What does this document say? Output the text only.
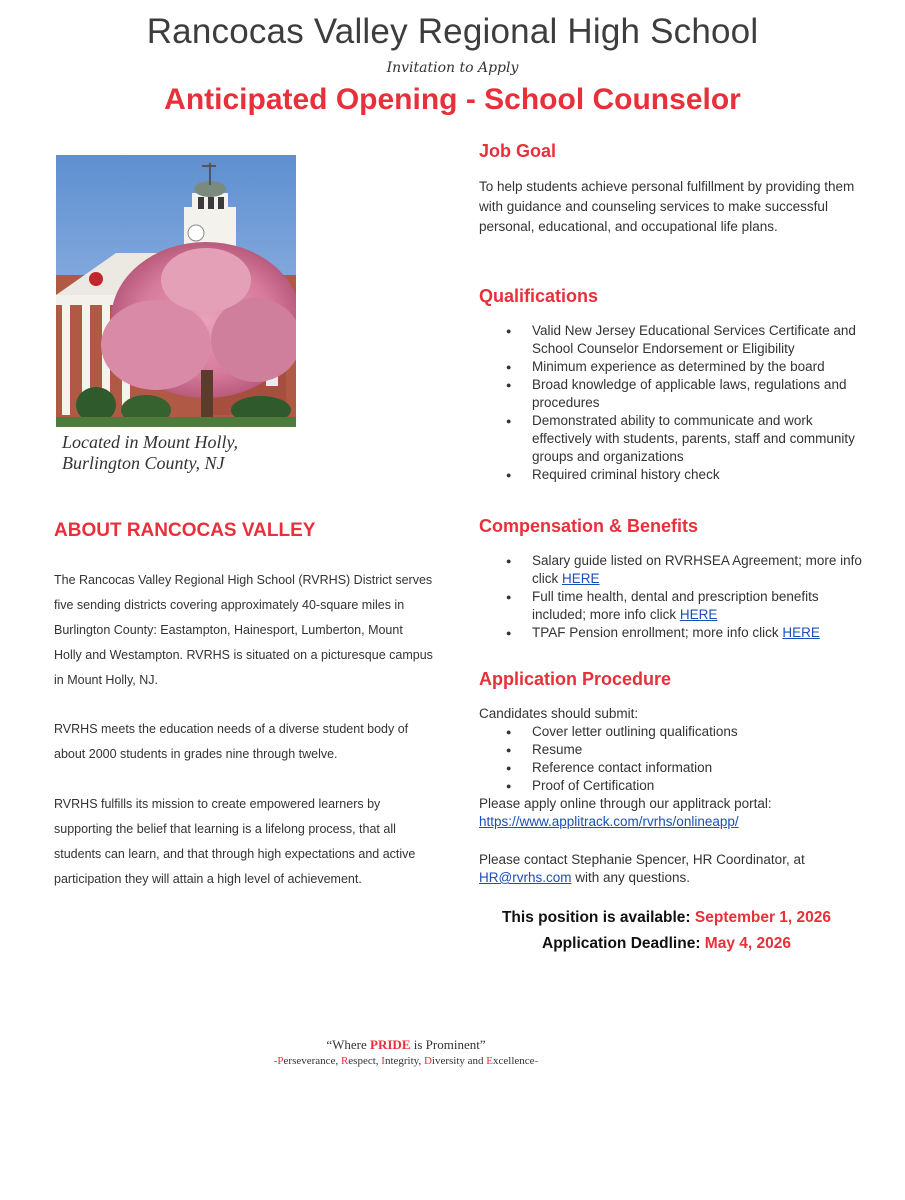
Rancocas Valley Regional High School
Invitation to Apply
Anticipated Opening - School Counselor
Located in Mount Holly,
Burlington County, NJ
ABOUT RANCOCAS VALLEY
The Rancocas Valley Regional High School (RVRHS) District serves five sending districts covering approximately 40-square miles in Burlington County: Eastampton, Hainesport, Lumberton, Mount Holly and Westampton. RVRHS is situated on a picturesque campus in Mount Holly, NJ.
RVRHS meets the education needs of a diverse student body of about 2000 students in grades nine through twelve.
RVRHS fulfills its mission to create empowered learners by supporting the belief that learning is a lifelong process, that all students can learn, and that through high expectations and active participation they will attain a high level of achievement.
Job Goal
To help students achieve personal fulfillment by providing them with guidance and counseling services to make successful personal, educational, and occupational life plans.
Qualifications
● Valid New Jersey Educational Services Certificate and School Counselor Endorsement or Eligibility
● Minimum experience as determined by the board
● Broad knowledge of applicable laws, regulations and procedures
● Demonstrated ability to communicate and work effectively with students, parents, staff and community groups and organizations
● Required criminal history check
Compensation & Benefits
● Salary guide listed on RVRHSEA Agreement; more info click HERE
● Full time health, dental and prescription benefits included; more info click HERE
● TPAF Pension enrollment; more info click HERE
Application Procedure
Candidates should submit:
● Cover letter outlining qualifications
● Resume
● Reference contact information
● Proof of Certification
Please apply online through our applitrack portal:
https://www.applitrack.com/rvrhs/onlineapp/
Please contact Stephanie Spencer, HR Coordinator, at
HR@rvrhs.com with any questions.
This position is available: September 1, 2026
Application Deadline: May 4, 2026
“Where PRIDE is Prominent”
-Perseverance, Respect, Integrity, Diversity and Excellence-
